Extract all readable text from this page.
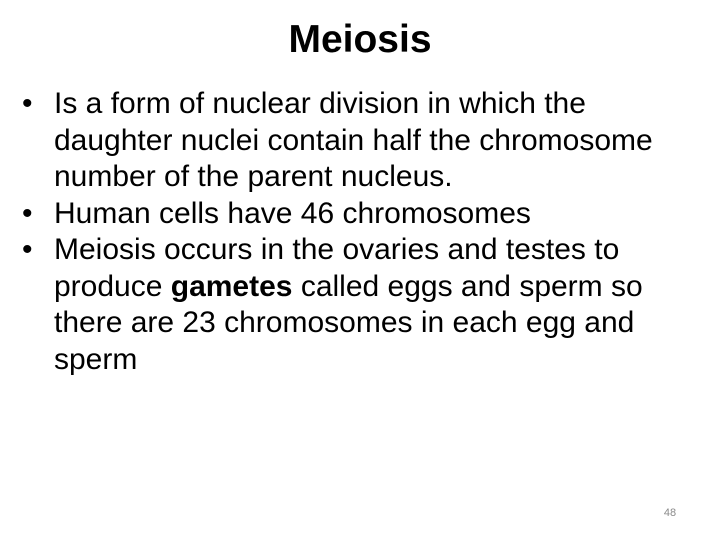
Meiosis
• Is a form of nuclear division in which the daughter nuclei contain half the chromosome number of the parent nucleus.
• Human cells have 46 chromosomes
• Meiosis occurs in the ovaries and testes to produce gametes called eggs and sperm so there are 23 chromosomes in each egg and sperm
48
